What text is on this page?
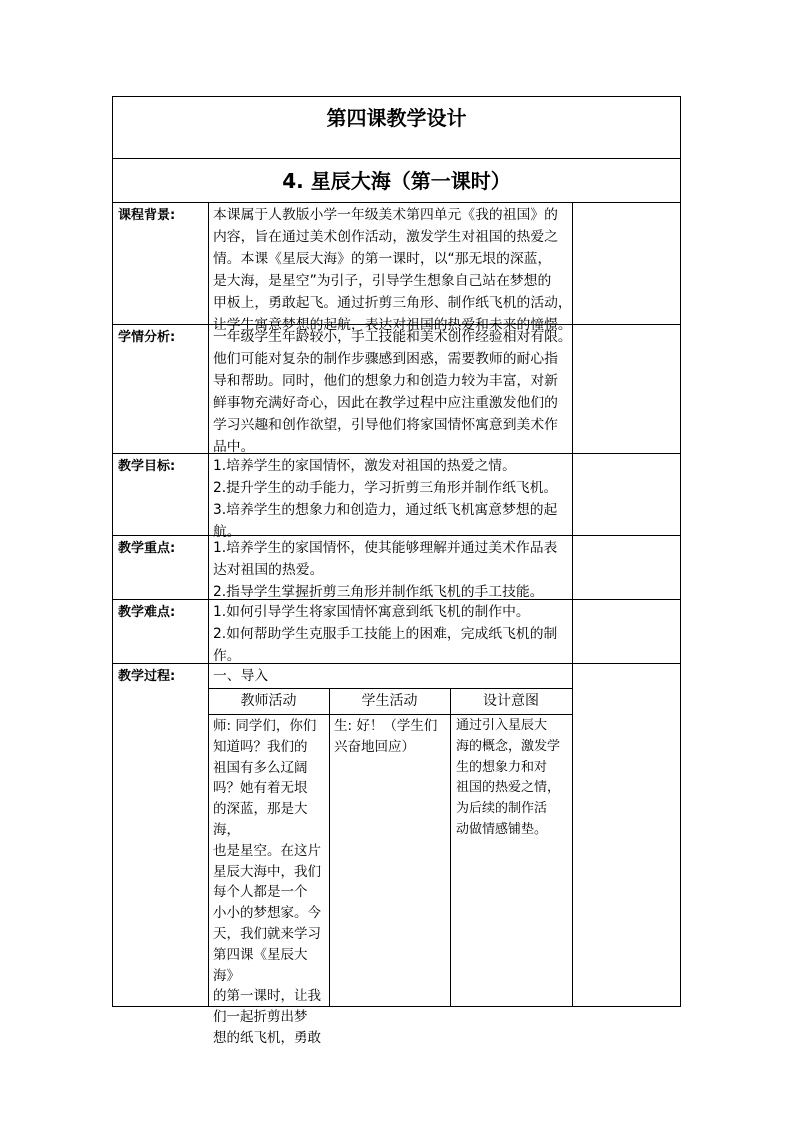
第四课教学设计
4. 星辰大海（第一课时）
课程背景:
学情分析:
教学目标:
教学重点:
教学难点:
教学过程:
本课属于人教版小学一年级美术第四单元《我的祖国》的
内容，旨在通过美术创作活动，激发学生对祖国的热爱之
情。本课《星辰大海》的第一课时，以“那无垠的深蓝，
是大海，是星空”为引子，引导学生想象自己站在梦想的
甲板上，勇敢起飞。通过折剪三角形、制作纸飞机的活动，
让学生寓意梦想的起航，表达对祖国的热爱和未来的憧憬。
一年级学生年龄较小，手工技能和美术创作经验相对有限。
他们可能对复杂的制作步骤感到困惑，需要教师的耐心指
导和帮助。同时，他们的想象力和创造力较为丰富，对新
鲜事物充满好奇心，因此在教学过程中应注重激发他们的
学习兴趣和创作欲望，引导他们将家国情怀寓意到美术作
品中。
1.培养学生的家国情怀，激发对祖国的热爱之情。
2.提升学生的动手能力，学习折剪三角形并制作纸飞机。
3.培养学生的想象力和创造力，通过纸飞机寓意梦想的起
航。
1.培养学生的家国情怀，使其能够理解并通过美术作品表
达对祖国的热爱。
2.指导学生掌握折剪三角形并制作纸飞机的手工技能。
1.如何引导学生将家国情怀寓意到纸飞机的制作中。
2.如何帮助学生克服手工技能上的困难，完成纸飞机的制
作。
一、导入
教师活动	学生活动	设计意图
师: 同学们，你们
知道吗？我们的
祖国有多么辽阔
吗？她有着无垠
的深蓝，那是大海，
也是星空。在这片
星辰大海中，我们
每个人都是一个
小小的梦想家。今
天，我们就来学习
第四课《星辰大海》
的第一课时，让我
们一起折剪出梦
想的纸飞机，勇敢
生: 好！（学生们
兴奋地回应）
通过引入星辰大
海的概念，激发学
生的想象力和对
祖国的热爱之情，
为后续的制作活
动做情感铺垫。
